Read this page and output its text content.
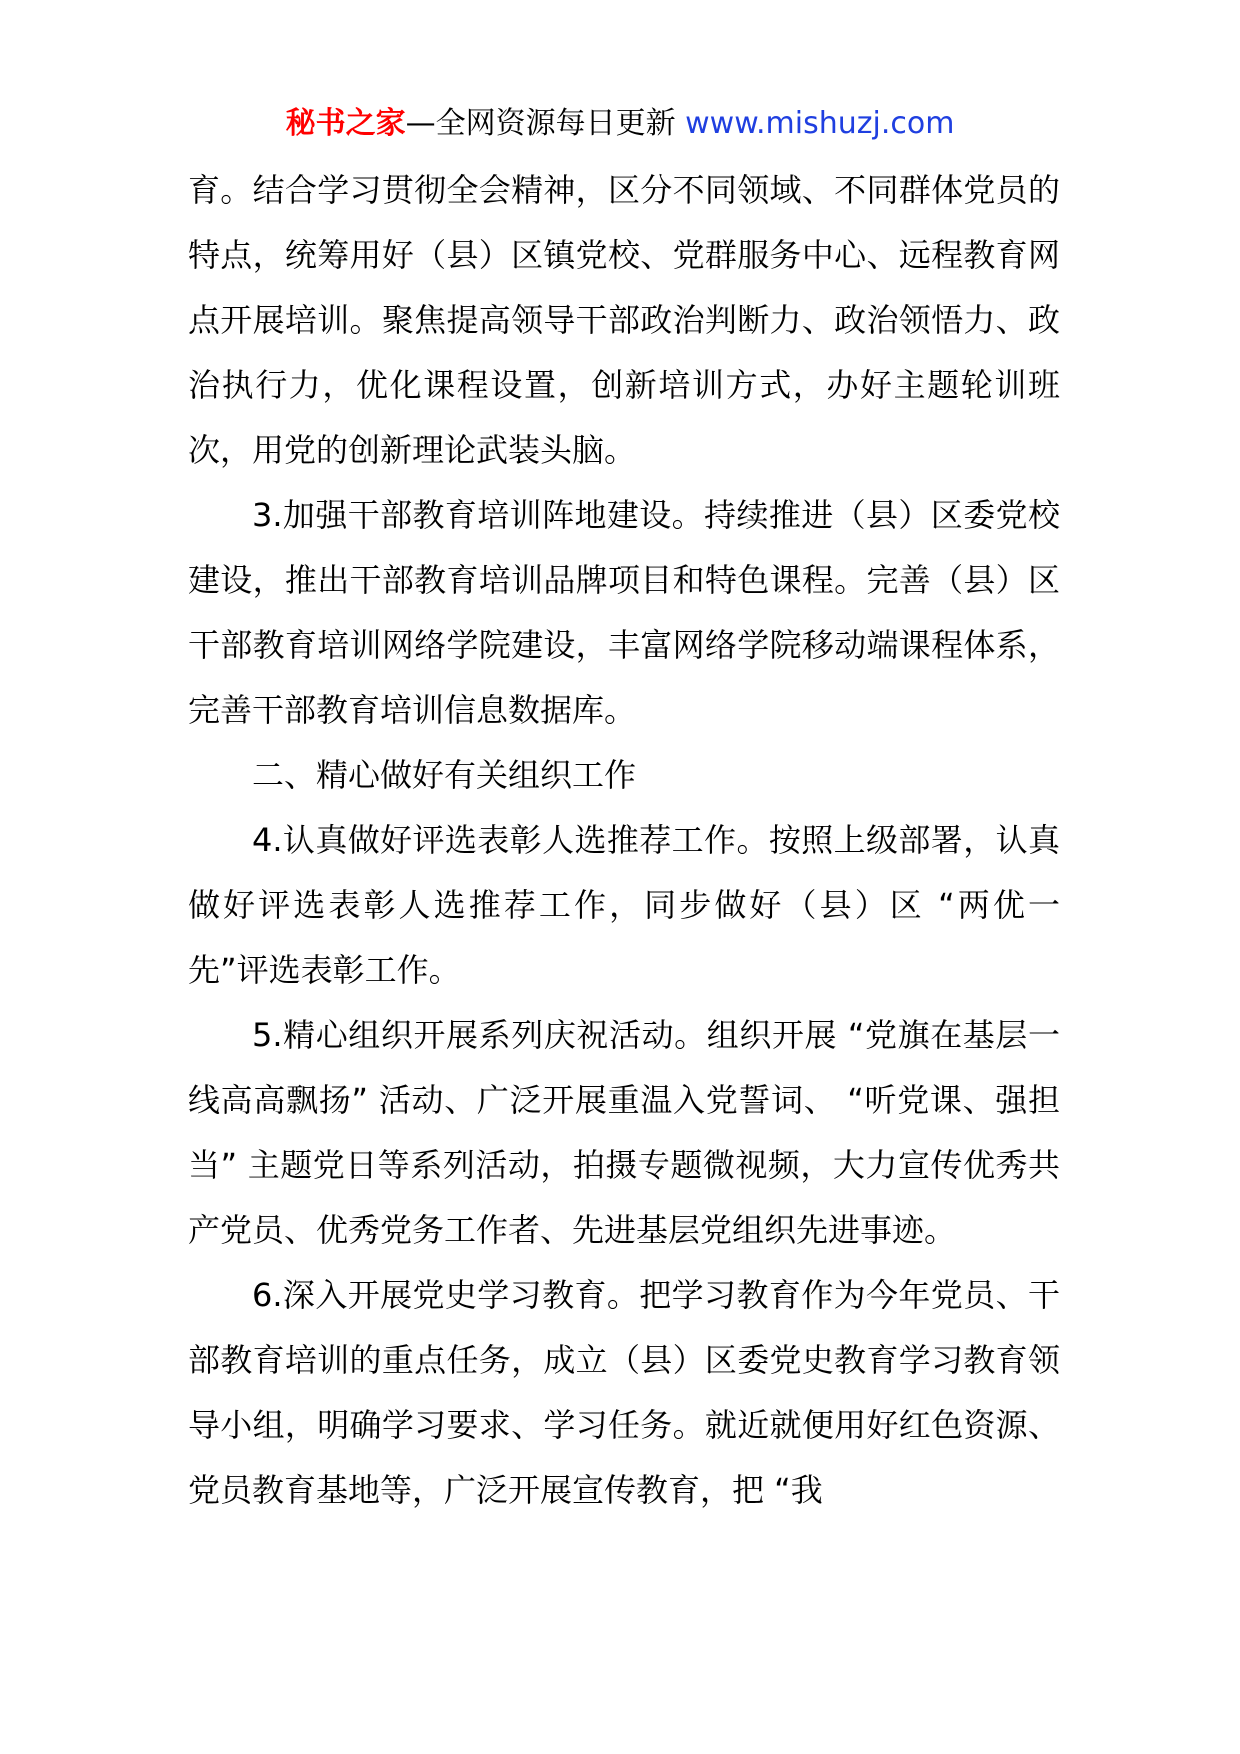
秘书之家—全网资源每日更新 www.mishuzj.com

育。结合学习贯彻全会精神，区分不同领域、不同群体党员的特点，统筹用好（县）区镇党校、党群服务中心、远程教育网点开展培训。聚焦提高领导干部政治判断力、政治领悟力、政治执行力，优化课程设置，创新培训方式，办好主题轮训班次，用党的创新理论武装头脑。

3.加强干部教育培训阵地建设。持续推进（县）区委党校建设，推出干部教育培训品牌项目和特色课程。完善（县）区干部教育培训网络学院建设，丰富网络学院移动端课程体系，完善干部教育培训信息数据库。

二、精心做好有关组织工作

4.认真做好评选表彰人选推荐工作。按照上级部署，认真做好评选表彰人选推荐工作，同步做好（县）区 “两优一先”评选表彰工作。

5.精心组织开展系列庆祝活动。组织开展 “党旗在基层一线高高飘扬” 活动、广泛开展重温入党誓词、 “听党课、强担当” 主题党日等系列活动，拍摄专题微视频，大力宣传优秀共产党员、优秀党务工作者、先进基层党组织先进事迹。

6.深入开展党史学习教育。把学习教育作为今年党员、干部教育培训的重点任务，成立（县）区委党史教育学习教育领导小组，明确学习要求、学习任务。就近就便用好红色资源、党员教育基地等，广泛开展宣传教育，把 “我
